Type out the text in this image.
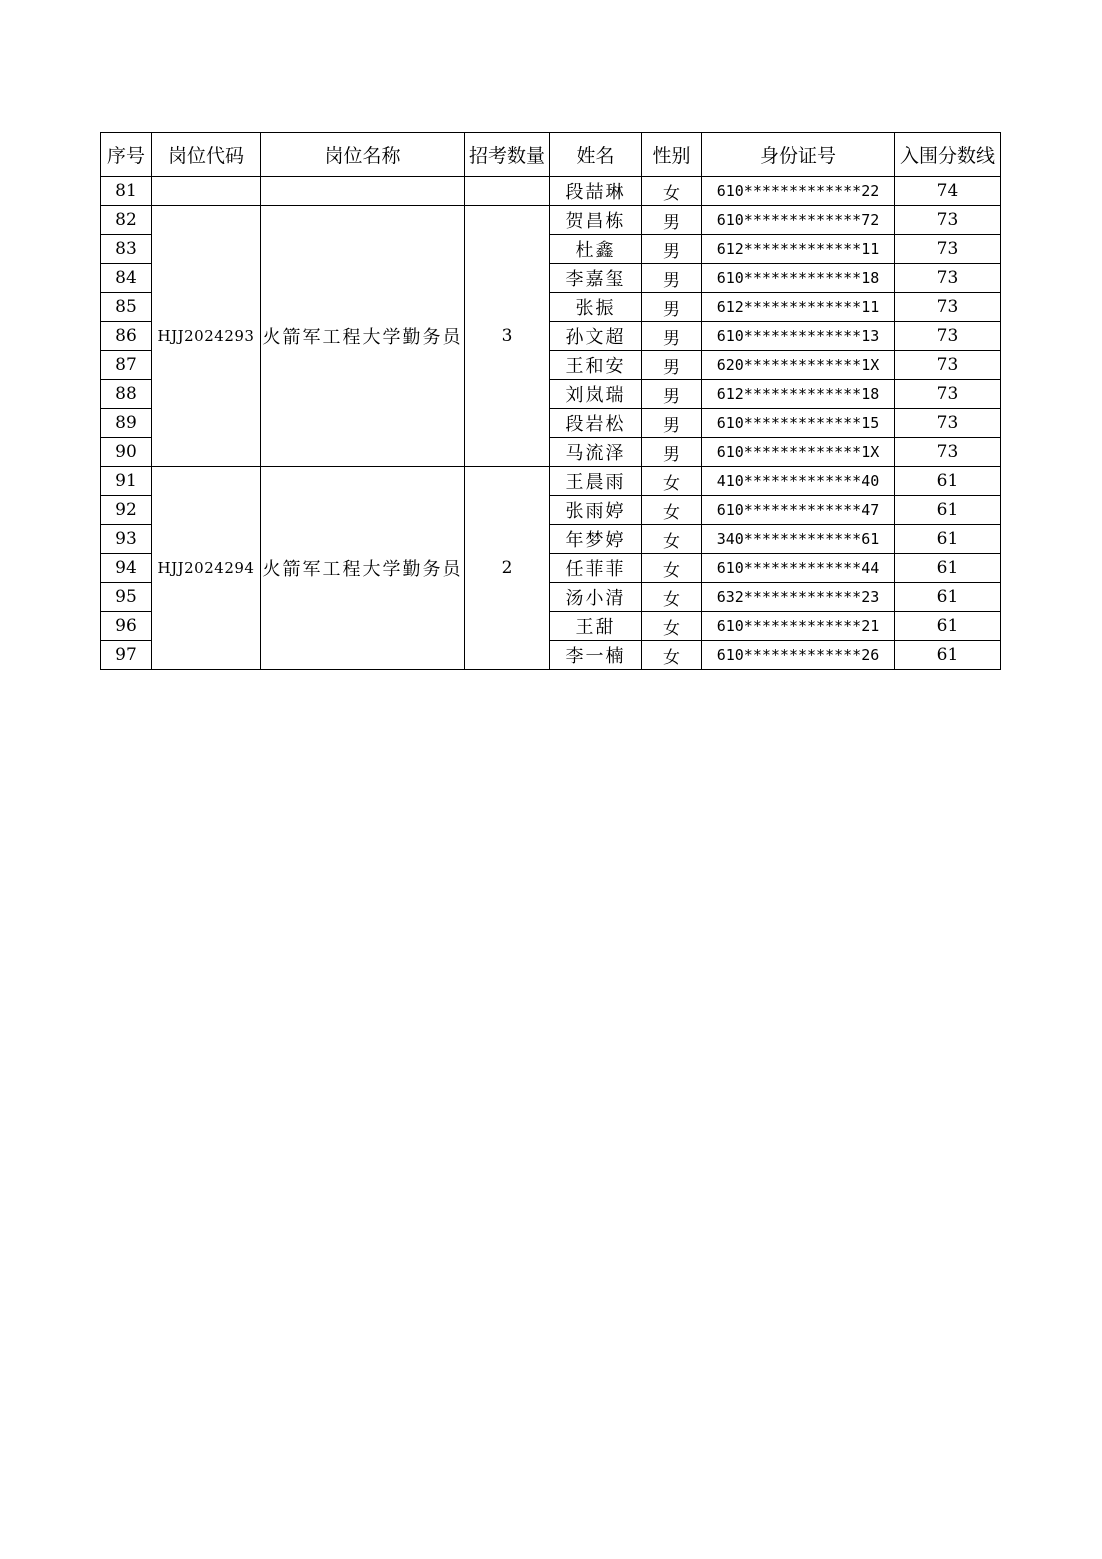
序号	岗位代码	岗位名称	招考数量	姓名	性别	身份证号	入围分数线
81				段喆琳	女	610*************22	74
82	HJJ2024293	火箭军工程大学勤务员	3	贺昌栋	男	610*************72	73
83				杜鑫	男	612*************11	73
84				李嘉玺	男	610*************18	73
85				张振	男	612*************11	73
86				孙文超	男	610*************13	73
87				王和安	男	620*************1X	73
88				刘岚瑞	男	612*************18	73
89				段岩松	男	610*************15	73
90				马流泽	男	610*************1X	73
91	HJJ2024294	火箭军工程大学勤务员	2	王晨雨	女	410*************40	61
92				张雨婷	女	610*************47	61
93				年梦婷	女	340*************61	61
94				任菲菲	女	610*************44	61
95				汤小清	女	632*************23	61
96				王甜	女	610*************21	61
97				李一楠	女	610*************26	61
